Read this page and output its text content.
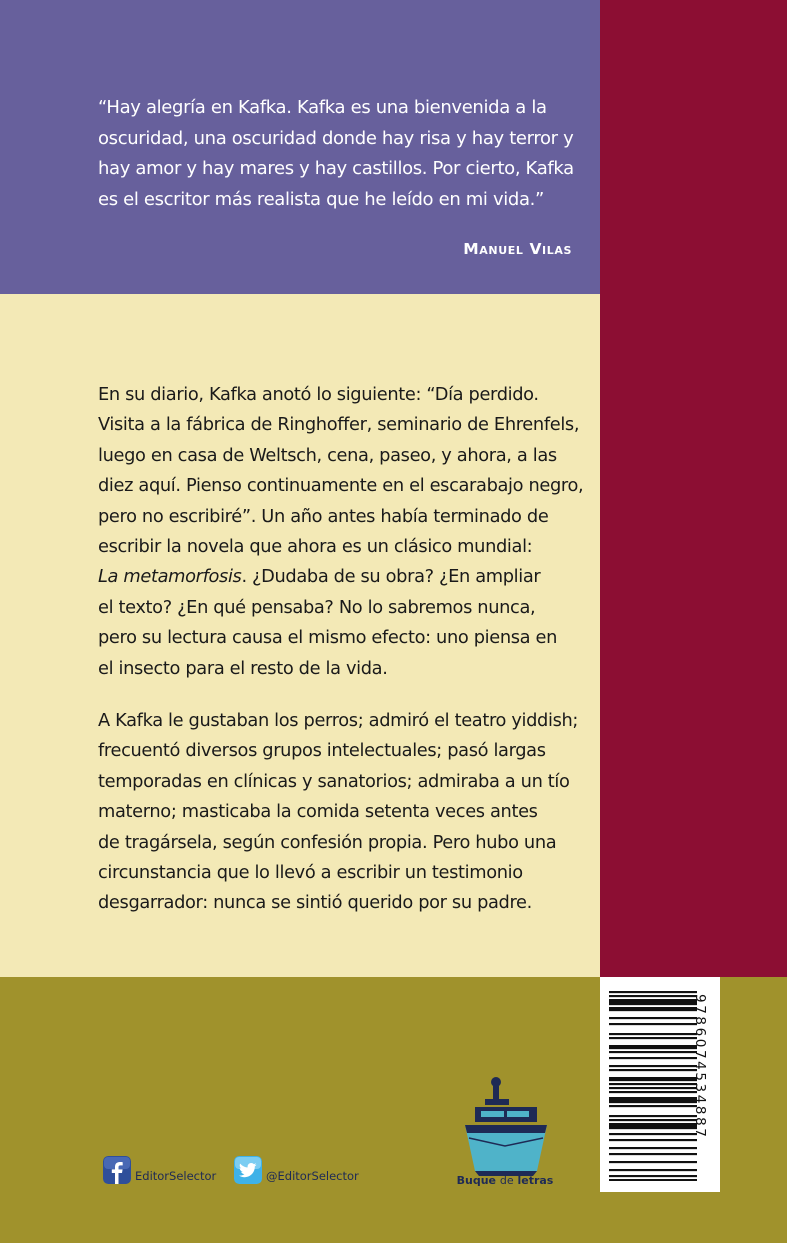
“Hay alegría en Kafka. Kafka es una bienvenida a la
oscuridad, una oscuridad donde hay risa y hay terror y
hay amor y hay mares y hay castillos. Por cierto, Kafka
es el escritor más realista que he leído en mi vida.”

Manuel Vilas

En su diario, Kafka anotó lo siguiente: “Día perdido.
Visita a la fábrica de Ringhoffer, seminario de Ehrenfels,
luego en casa de Weltsch, cena, paseo, y ahora, a las
diez aquí. Pienso continuamente en el escarabajo negro,
pero no escribiré”. Un año antes había terminado de
escribir la novela que ahora es un clásico mundial:
La metamorfosis. ¿Dudaba de su obra? ¿En ampliar
el texto? ¿En qué pensaba? No lo sabremos nunca,
pero su lectura causa el mismo efecto: uno piensa en
el insecto para el resto de la vida.

A Kafka le gustaban los perros; admiró el teatro yiddish;
frecuentó diversos grupos intelectuales; pasó largas
temporadas en clínicas y sanatorios; admiraba a un tío
materno; masticaba la comida setenta veces antes
de tragársela, según confesión propia. Pero hubo una
circunstancia que lo llevó a escribir un testimonio
desgarrador: nunca se sintió querido por su padre.

EditorSelector	@EditorSelector	Buque de letras
9786074534887
